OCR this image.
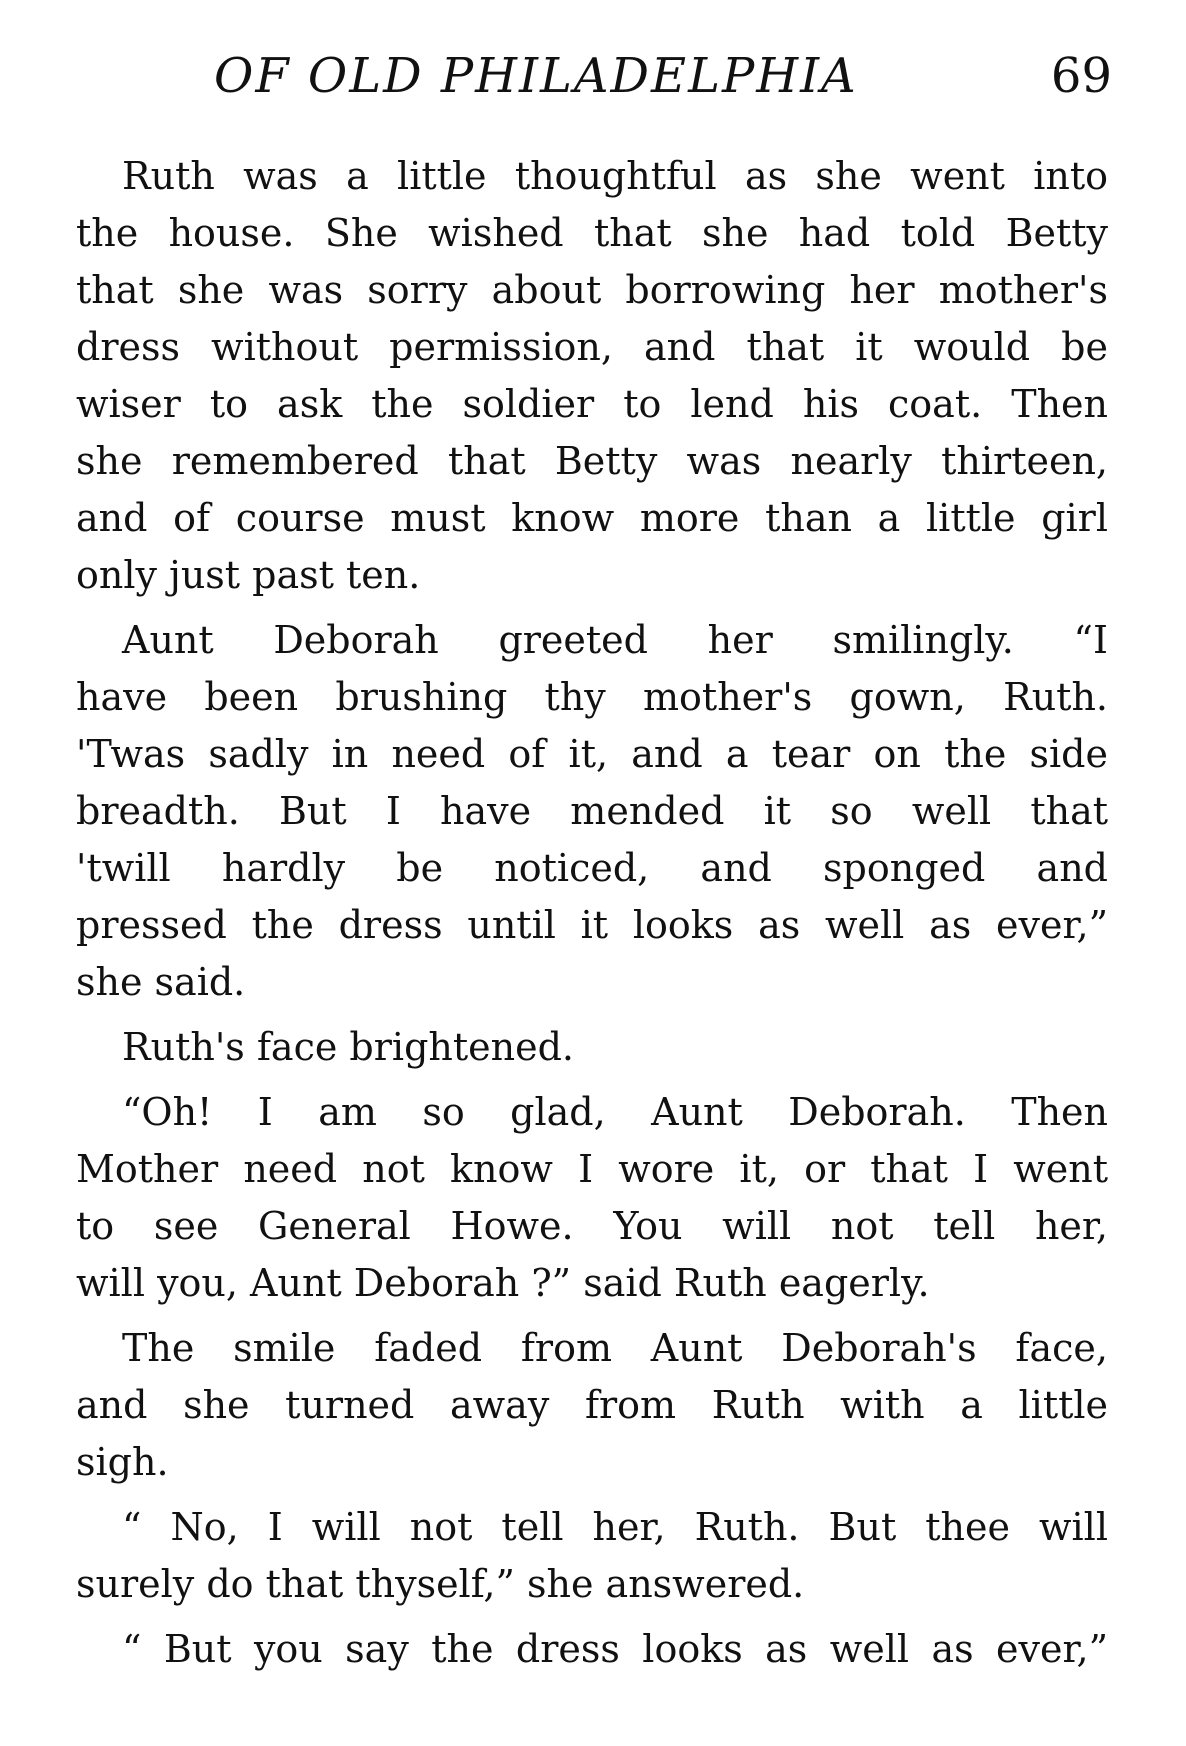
OF OLD PHILADELPHIA	69

Ruth was a little thoughtful as she went into
the house. She wished that she had told Betty
that she was sorry about borrowing her mother's
dress without permission, and that it would be
wiser to ask the soldier to lend his coat. Then
she remembered that Betty was nearly thirteen,
and of course must know more than a little girl
only just past ten.

Aunt Deborah greeted her smilingly. “I
have been brushing thy mother's gown, Ruth.
'Twas sadly in need of it, and a tear on the side
breadth. But I have mended it so well that
'twill hardly be noticed, and sponged and
pressed the dress until it looks as well as ever,”
she said.

Ruth's face brightened.

“Oh! I am so glad, Aunt Deborah. Then
Mother need not know I wore it, or that I went
to see General Howe. You will not tell her,
will you, Aunt Deborah ?” said Ruth eagerly.

The smile faded from Aunt Deborah's face,
and she turned away from Ruth with a little
sigh.

“ No, I will not tell her, Ruth. But thee will
surely do that thyself,” she answered.

“ But you say the dress looks as well as ever,”
